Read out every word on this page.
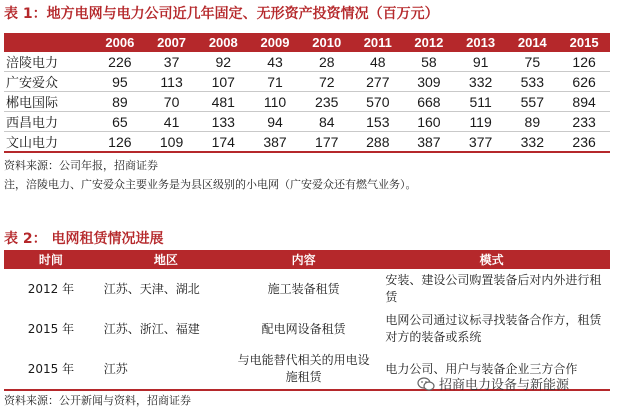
表 1：地方电网与电力公司近几年固定、无形资产投资情况（百万元）
	2006	2007	2008	2009	2010	2011	2012	2013	2014	2015
涪陵电力	226	37	92	43	28	48	58	91	75	126
广安爱众	95	113	107	71	72	277	309	332	533	626
郴电国际	89	70	481	110	235	570	668	511	557	894
西昌电力	65	41	133	94	84	153	160	119	89	233
文山电力	126	109	174	387	177	288	387	377	332	236
资料来源：公司年报，招商证券
注，涪陵电力、广安爱众主要业务是为县区级别的小电网（广安爱众还有燃气业务）。
表 2： 电网租赁情况进展
时间	地区	内容	模式
2012 年	江苏、天津、湖北	施工装备租赁	安装、建设公司购置装备后对内外进行租赁
2015 年	江苏、浙江、福建	配电网设备租赁	电网公司通过议标寻找装备合作方，租赁对方的装备或系统
2015 年	江苏	与电能替代相关的用电设施租赁	电力公司、用户与装备企业三方合作
资料来源：公开新闻与资料，招商证券
招商电力设备与新能源
